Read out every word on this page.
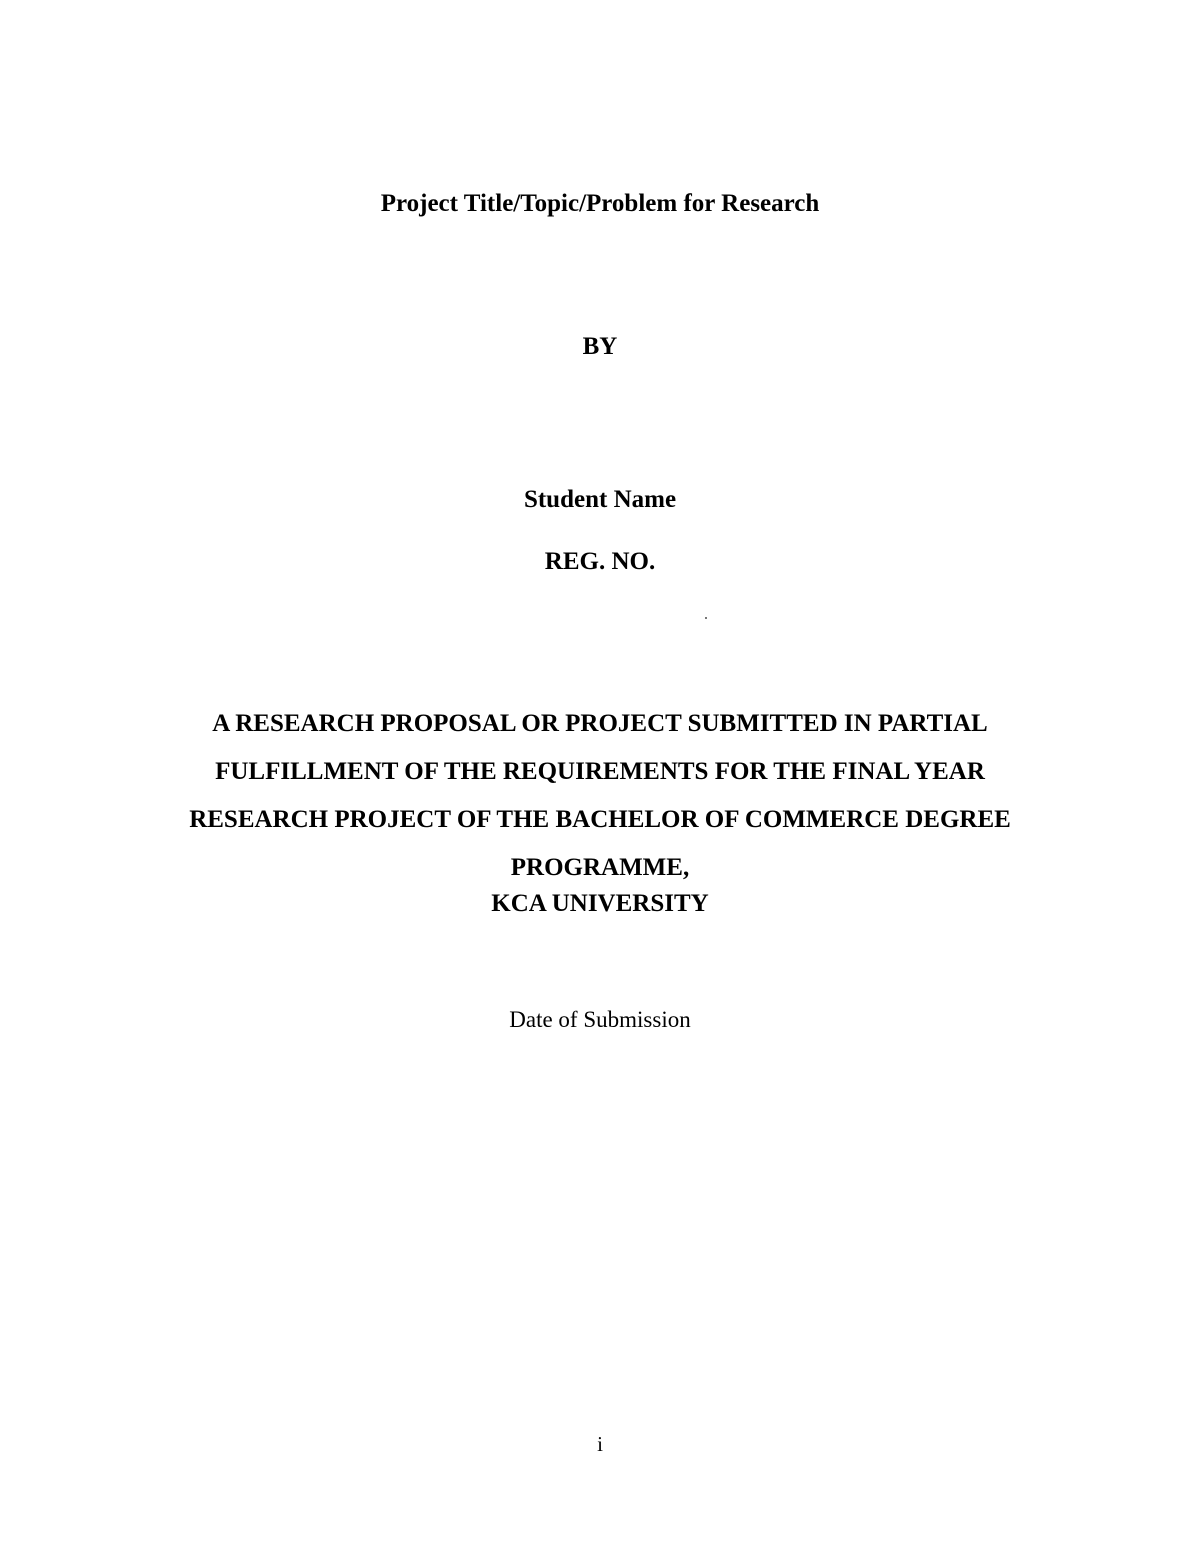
Project Title/Topic/Problem for Research
BY
Student Name
REG. NO.
A RESEARCH PROPOSAL OR PROJECT SUBMITTED IN PARTIAL
FULFILLMENT OF THE REQUIREMENTS FOR THE FINAL YEAR
RESEARCH PROJECT OF THE BACHELOR OF COMMERCE DEGREE
PROGRAMME,
KCA UNIVERSITY
Date of Submission
i
